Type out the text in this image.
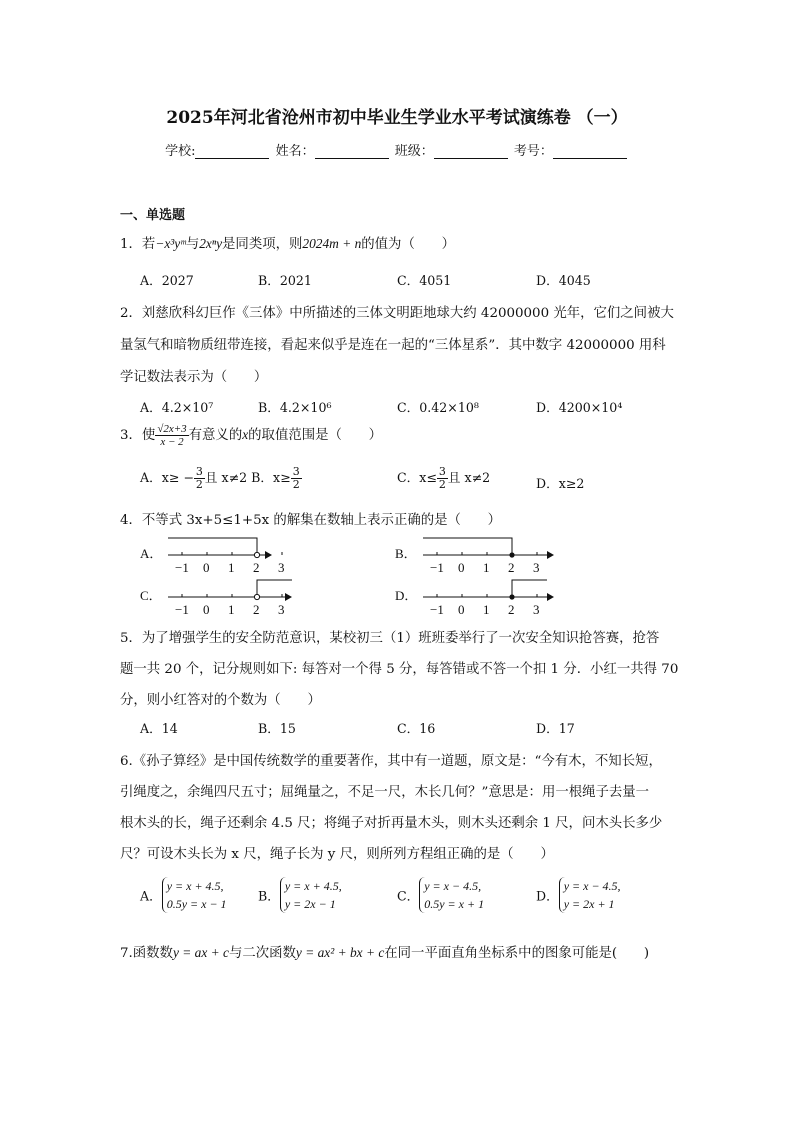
2025年河北省沧州市初中毕业生学业水平考试演练卷 （一）
学校:	姓名：	班级：	考号：
一、单选题
1．若−x³yᵐ与2xⁿy是同类项，则2024m + n的值为（　　）
A．2027	B．2021	C．4051	D．4045
2．刘慈欣科幻巨作《三体》中所描述的三体文明距地球大约 42000000 光年，它们之间被大
量氢气和暗物质纽带连接，看起来似乎是连在一起的“三体星系”．其中数字 42000000 用科
学记数法表示为（　　）
A．4.2×10⁷	B．4.2×10⁶	C．0.42×10⁸	D．4200×10⁴
3．使 $\frac{√2x+3}{x - 2}$ 有意义的x的取值范围是（　　）
A．$x\ge - \frac{3}{2}$ 且 x≠2 B．$x\ge \frac{3}{2}$	C．$x\le \frac{3}{2}$ 且 x≠2	D．x≥2
4．不等式 3x+5≤1+5x 的解集在数轴上表示正确的是（　　）
A．
−1 0 1 2 3
B．
−1 0 1 2 3
C．
−1 0 1 2 3
D．
−1 0 1 2 3
5．为了增强学生的安全防范意识，某校初三（1）班班委举行了一次安全知识抢答赛，抢答
题一共 20 个，记分规则如下: 每答对一个得 5 分，每答错或不答一个扣 1 分．小红一共得 70
分，则小红答对的个数为（　　）
A．14	B．15	C．16	D．17
6.《孙子算经》是中国传统数学的重要著作，其中有一道题，原文是：“今有木，不知长短，
引绳度之，余绳四尺五寸；屈绳量之，不足一尺，木长几何？”意思是：用一根绳子去量一
根木头的长，绳子还剩余 4.5 尺；将绳子对折再量木头，则木头还剩余 1 尺，问木头长多少
尺？可设木头长为 x 尺，绳子长为 y 尺，则所列方程组正确的是（　　）
A．
y = x + 4.5,
0.5y = x − 1
B．
y = x + 4.5,
y = 2x − 1
C．
y = x − 4.5,
0.5y = x + 1
D．
y = x − 4.5,
y = 2x + 1
7.函数数y = ax + c与二次函数y = ax² + bx + c在同一平面直角坐标系中的图象可能是(　　)
